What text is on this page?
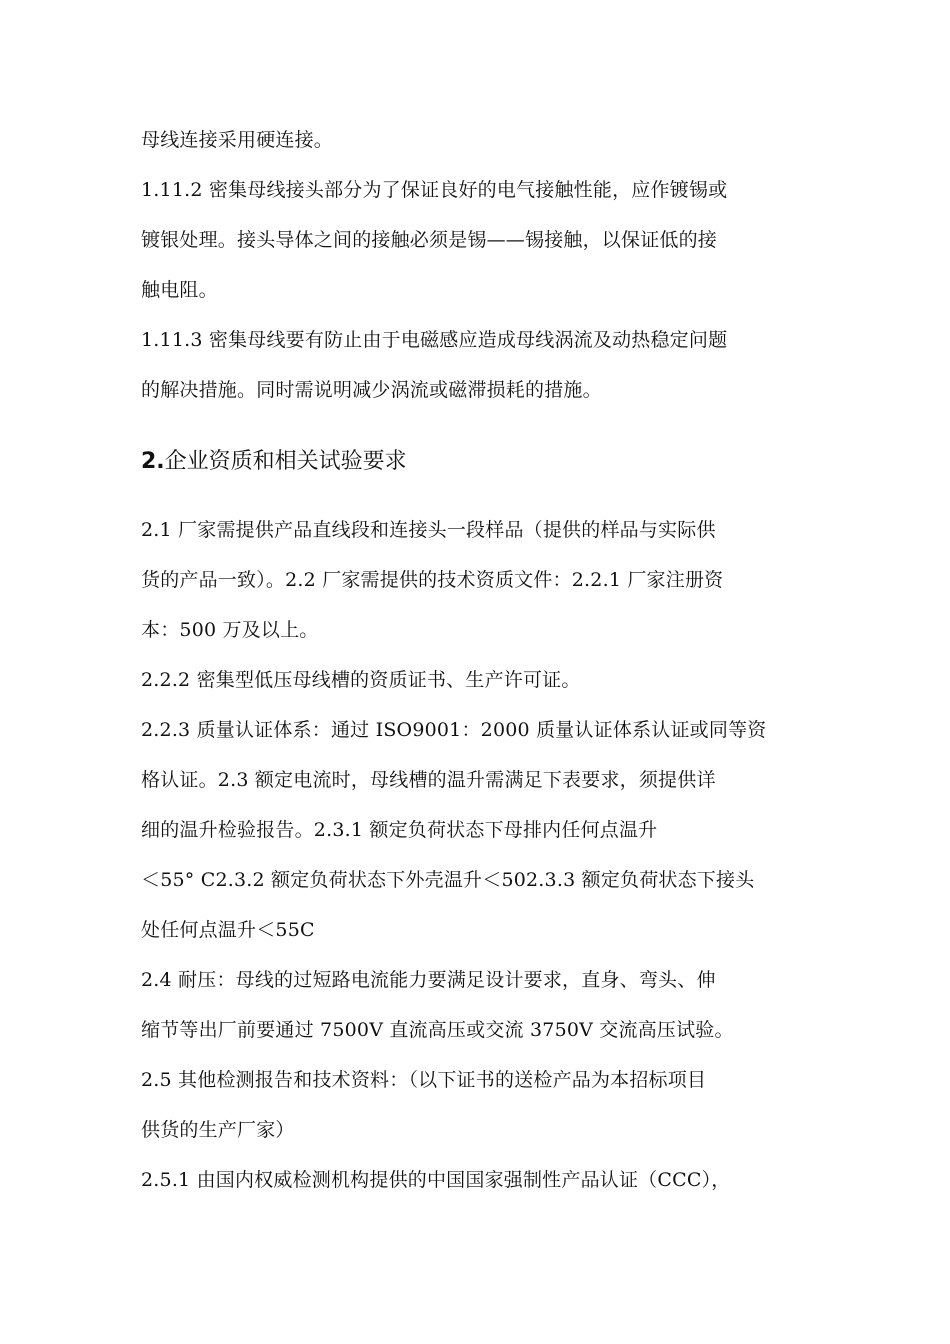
母线连接采用硬连接。
1.11.2 密集母线接头部分为了保证良好的电气接触性能，应作镀锡或
镀银处理。接头导体之间的接触必须是锡——锡接触，以保证低的接
触电阻。
1.11.3 密集母线要有防止由于电磁感应造成母线涡流及动热稳定问题
的解决措施。同时需说明减少涡流或磁滞损耗的措施。
2.企业资质和相关试验要求
2.1 厂家需提供产品直线段和连接头一段样品（提供的样品与实际供
货的产品一致）。2.2 厂家需提供的技术资质文件：2.2.1 厂家注册资
本：500 万及以上。
2.2.2 密集型低压母线槽的资质证书、生产许可证。
2.2.3 质量认证体系：通过 ISO9001：2000 质量认证体系认证或同等资
格认证。2.3 额定电流时，母线槽的温升需满足下表要求，须提供详
细的温升检验报告。2.3.1 额定负荷状态下母排内任何点温升
＜55° C2.3.2 额定负荷状态下外壳温升＜502.3.3 额定负荷状态下接头
处任何点温升＜55C
2.4 耐压：母线的过短路电流能力要满足设计要求，直身、弯头、伸
缩节等出厂前要通过 7500V 直流高压或交流 3750V 交流高压试验。
2.5 其他检测报告和技术资料：（以下证书的送检产品为本招标项目
供货的生产厂家）
2.5.1 由国内权威检测机构提供的中国国家强制性产品认证（CCC），
